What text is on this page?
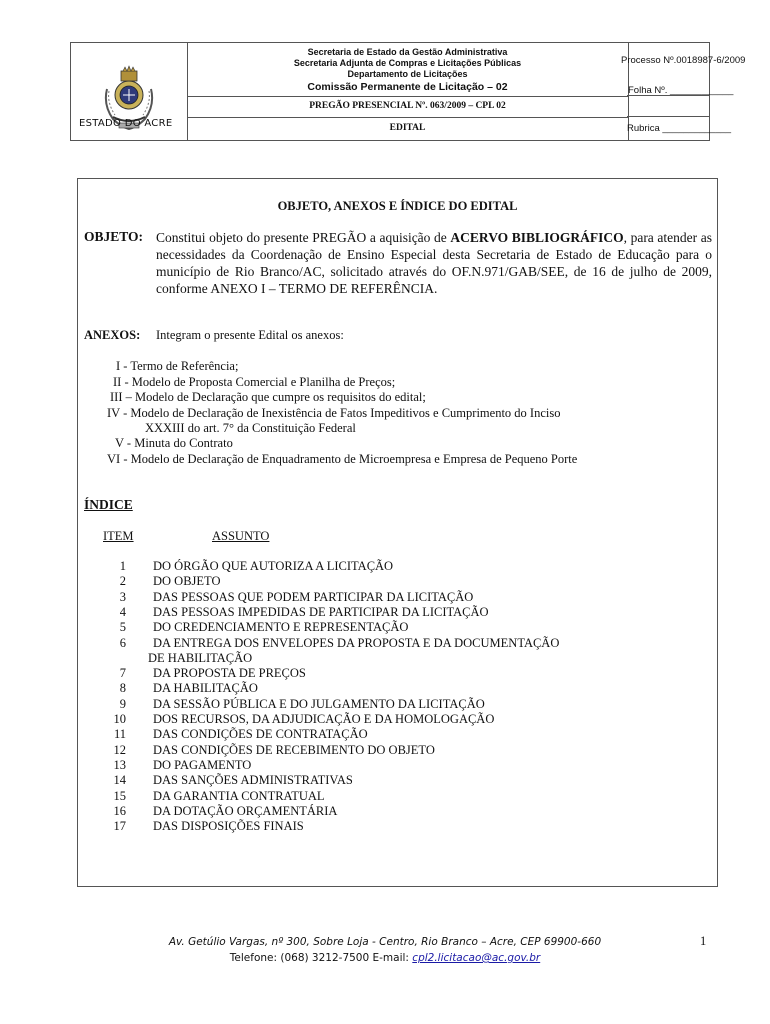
ESTADO DO ACRE
Secretaria de Estado da Gestão Administrativa
Secretaria Adjunta de Compras e Licitações Públicas
Departamento de Licitações
Comissão Permanente de Licitação – 02
PREGÃO PRESENCIAL Nº. 063/2009 – CPL 02
EDITAL
Processo Nº.0018987-6/2009
Folha Nº. ____________
Rubrica _____________
OBJETO, ANEXOS E ÍNDICE DO EDITAL
OBJETO: Constitui objeto do presente PREGÃO a aquisição de ACERVO BIBLIOGRÁFICO, para atender as necessidades da Coordenação de Ensino Especial desta Secretaria de Estado de Educação para o município de Rio Branco/AC, solicitado através do OF.N.971/GAB/SEE, de 16 de julho de 2009, conforme ANEXO I – TERMO DE REFERÊNCIA.
ANEXOS: Integram o presente Edital os anexos:
I - Termo de Referência;
II - Modelo de Proposta Comercial e Planilha de Preços;
III – Modelo de Declaração que cumpre os requisitos do edital;
IV - Modelo de Declaração de Inexistência de Fatos Impeditivos e Cumprimento do Inciso
XXXIII do art. 7° da Constituição Federal
V - Minuta do Contrato
VI - Modelo de Declaração de Enquadramento de Microempresa e Empresa de Pequeno Porte
ÍNDICE
ITEM	ASSUNTO
1 DO ÓRGÃO QUE AUTORIZA A LICITAÇÃO
2 DO OBJETO
3 DAS PESSOAS QUE PODEM PARTICIPAR DA LICITAÇÃO
4 DAS PESSOAS IMPEDIDAS DE PARTICIPAR DA LICITAÇÃO
5 DO CREDENCIAMENTO E REPRESENTAÇÃO
6 DA ENTREGA DOS ENVELOPES DA PROPOSTA E DA DOCUMENTAÇÃO
DE HABILITAÇÃO
7 DA PROPOSTA DE PREÇOS
8 DA HABILITAÇÃO
9 DA SESSÃO PÚBLICA E DO JULGAMENTO DA LICITAÇÃO
10 DOS RECURSOS, DA ADJUDICAÇÃO E DA HOMOLOGAÇÃO
11 DAS CONDIÇÕES DE CONTRATAÇÃO
12 DAS CONDIÇÕES DE RECEBIMENTO DO OBJETO
13 DO PAGAMENTO
14 DAS SANÇÕES ADMINISTRATIVAS
15 DA GARANTIA CONTRATUAL
16 DA DOTAÇÃO ORÇAMENTÁRIA
17 DAS DISPOSIÇÕES FINAIS
Av. Getúlio Vargas, nº 300, Sobre Loja - Centro, Rio Branco – Acre, CEP 69900-660
Telefone: (068) 3212-7500 E-mail: cpl2.licitacao@ac.gov.br
1
